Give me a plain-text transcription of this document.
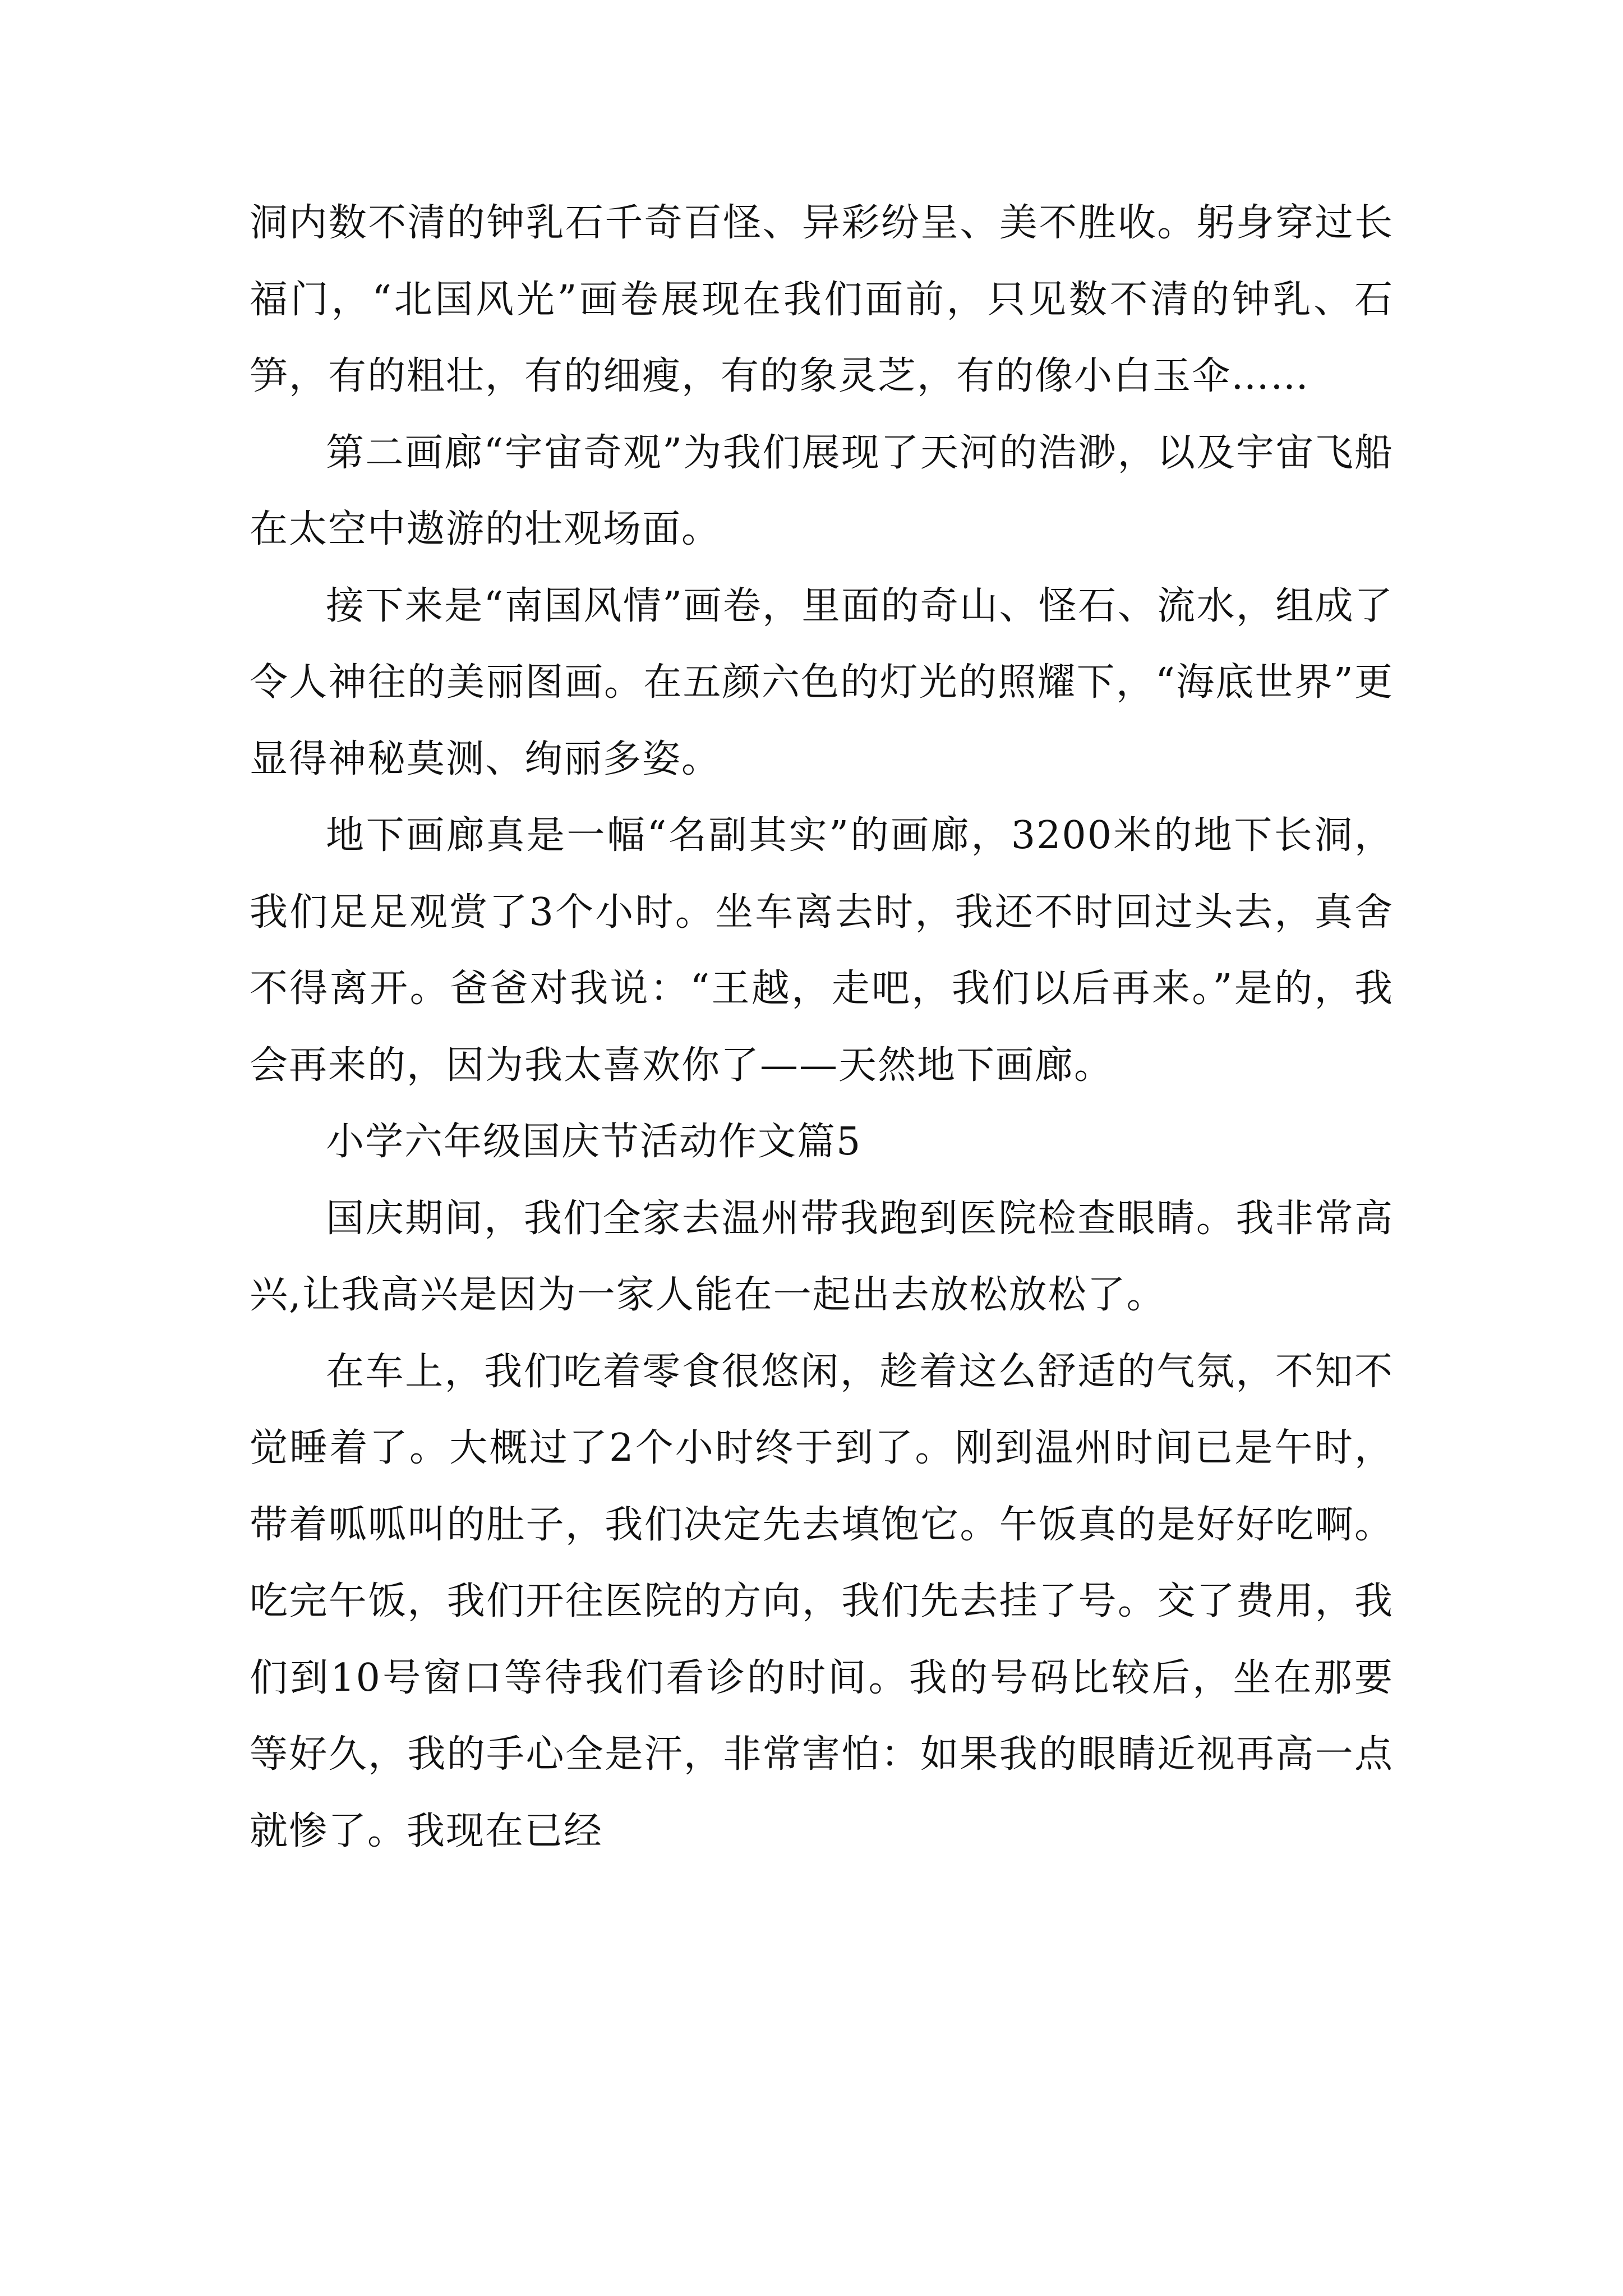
洞内数不清的钟乳石千奇百怪、异彩纷呈、美不胜收。躬身穿过长福门，“北国风光”画卷展现在我们面前，只见数不清的钟乳、石笋，有的粗壮，有的细瘦，有的象灵芝，有的像小白玉伞……

第二画廊“宇宙奇观”为我们展现了天河的浩渺，以及宇宙飞船在太空中遨游的壮观场面。

接下来是“南国风情”画卷，里面的奇山、怪石、流水，组成了令人神往的美丽图画。在五颜六色的灯光的照耀下，“海底世界”更显得神秘莫测、绚丽多姿。

地下画廊真是一幅“名副其实”的画廊，3200米的地下长洞，我们足足观赏了3个小时。坐车离去时，我还不时回过头去，真舍不得离开。爸爸对我说：“王越，走吧，我们以后再来。”是的，我会再来的，因为我太喜欢你了——天然地下画廊。

小学六年级国庆节活动作文篇5

国庆期间，我们全家去温州带我跑到医院检查眼睛。我非常高兴,让我高兴是因为一家人能在一起出去放松放松了。

在车上，我们吃着零食很悠闲，趁着这么舒适的气氛，不知不觉睡着了。大概过了2个小时终于到了。刚到温州时间已是午时，带着呱呱叫的肚子，我们决定先去填饱它。午饭真的是好好吃啊。吃完午饭，我们开往医院的方向，我们先去挂了号。交了费用，我们到10号窗口等待我们看诊的时间。我的号码比较后，坐在那要等好久，我的手心全是汗，非常害怕：如果我的眼睛近视再高一点就惨了。我现在已经
